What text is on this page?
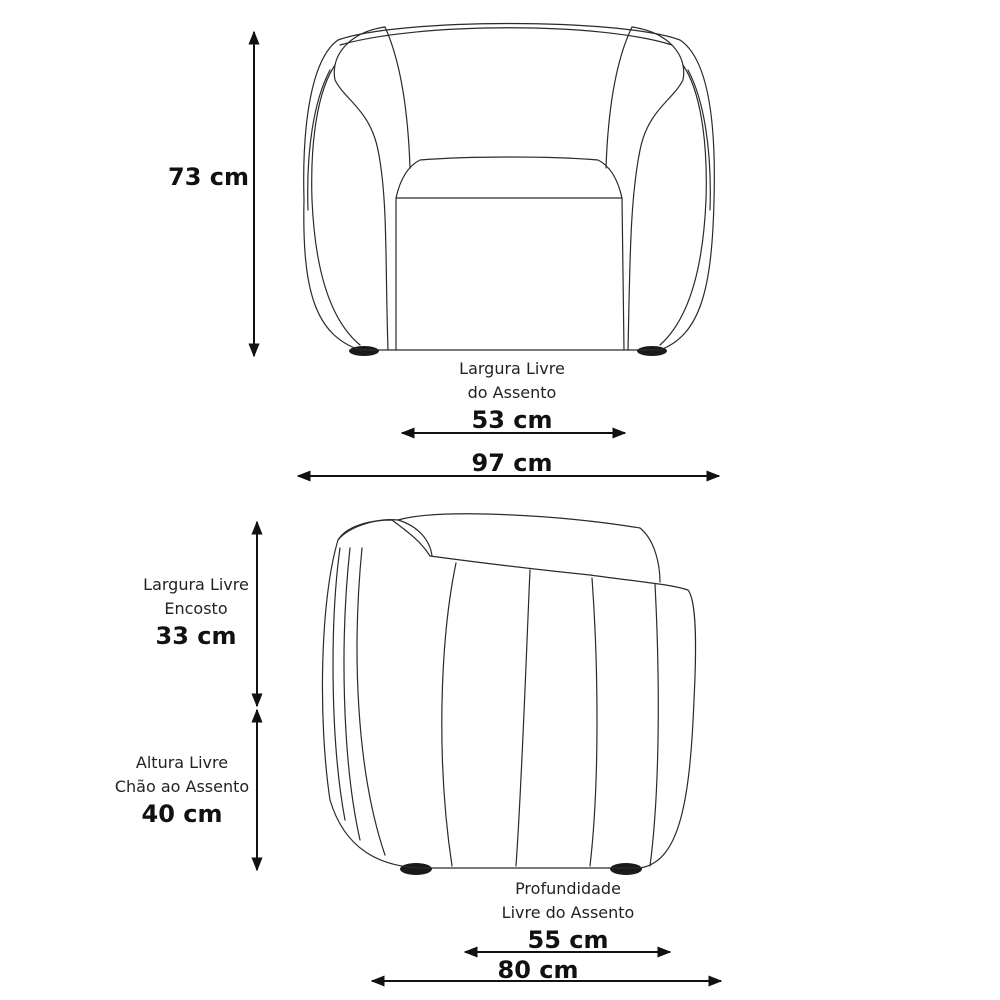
73 cm
Largura Livre
do Assento
53 cm
97 cm
Largura Livre
Encosto
33 cm
Altura Livre
Chão ao Assento
40 cm
Profundidade
Livre do Assento
55 cm
80 cm
